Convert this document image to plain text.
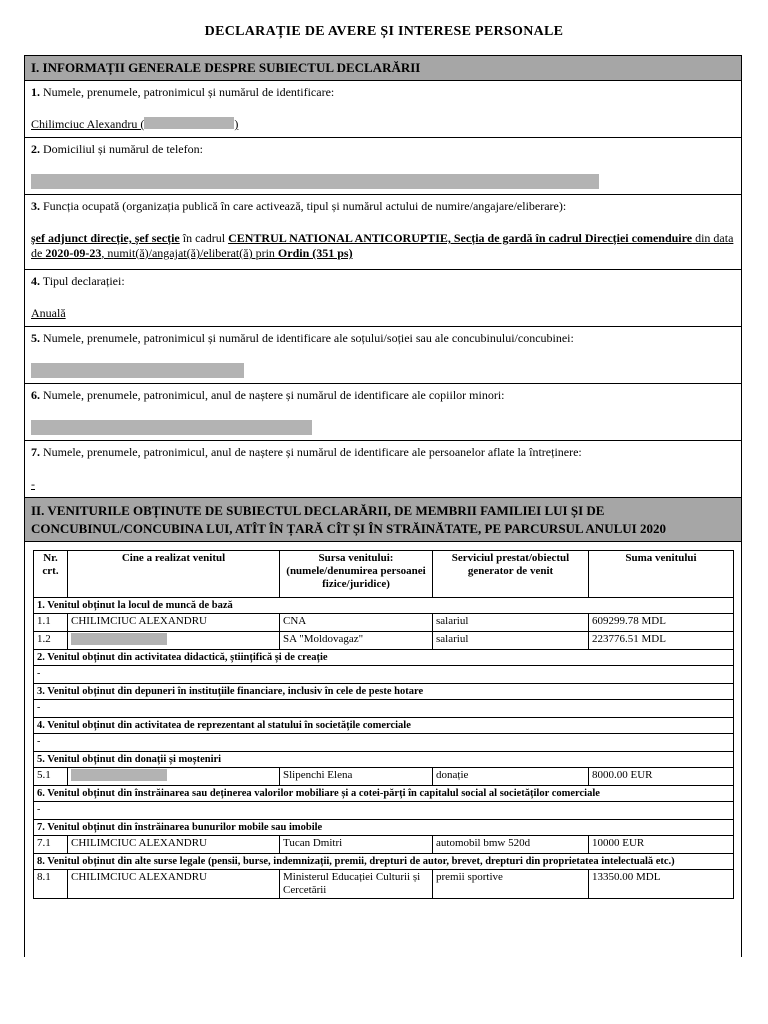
DECLARAȚIE DE AVERE ȘI INTERESE PERSONALE
I. INFORMAȚII GENERALE DESPRE SUBIECTUL DECLARĂRII
1. Numele, prenumele, patronimicul și numărul de identificare:
Chilimciuc Alexandru (	)
2. Domiciliul și numărul de telefon:
3. Funcția ocupată (organizația publică în care activează, tipul și numărul actului de numire/angajare/eliberare):
șef adjunct direcție, șef secție în cadrul CENTRUL NATIONAL ANTICORUPTIE, Secția de gardă în cadrul Direcției comenduire din data de 2020-09-23, numit(ă)/angajat(ă)/eliberat(ă) prin Ordin (351 ps)
4. Tipul declarației:
Anuală
5. Numele, prenumele, patronimicul și numărul de identificare ale soțului/soției sau ale concubinului/concubinei:
6. Numele, prenumele, patronimicul, anul de naștere și numărul de identificare ale copiilor minori:
7. Numele, prenumele, patronimicul, anul de naștere și numărul de identificare ale persoanelor aflate la întreținere:
-
II. VENITURILE OBȚINUTE DE SUBIECTUL DECLARĂRII, DE MEMBRII FAMILIEI LUI ȘI DE CONCUBINUL/CONCUBINA LUI, ATÎT ÎN ȚARĂ CÎT ȘI ÎN STRĂINĂTATE, PE PARCURSUL ANULUI 2020
Nr. crt.	Cine a realizat venitul	Sursa venitului: (numele/denumirea persoanei fizice/juridice)	Serviciul prestat/obiectul generator de venit	Suma venitului
1. Venitul obținut la locul de muncă de bază				
1.1	CHILIMCIUC ALEXANDRU	CNA	salariul	609299.78 MDL
1.2		SA "Moldovagaz"	salariul	223776.51 MDL
2. Venitul obținut din activitatea didactică, științifică și de creație				
-				
3. Venitul obținut din depuneri în instituțiile financiare, inclusiv în cele de peste hotare				
-				
4. Venitul obținut din activitatea de reprezentant al statului în societățile comerciale				
-				
5. Venitul obținut din donații și moșteniri				
5.1		Slipenchi Elena	donație	8000.00 EUR
6. Venitul obținut din înstrăinarea sau deținerea valorilor mobiliare și a cotei-părți în capitalul social al societăților comerciale				
-				
7. Venitul obținut din înstrăinarea bunurilor mobile sau imobile				
7.1	CHILIMCIUC ALEXANDRU	Tucan Dmitri	automobil bmw 520d	10000 EUR
8. Venitul obținut din alte surse legale (pensii, burse, indemnizații, premii, drepturi de autor, brevet, drepturi din proprietatea intelectuală etc.)				
8.1	CHILIMCIUC ALEXANDRU	Ministerul Educației Culturii și Cercetării	premii sportive	13350.00 MDL
